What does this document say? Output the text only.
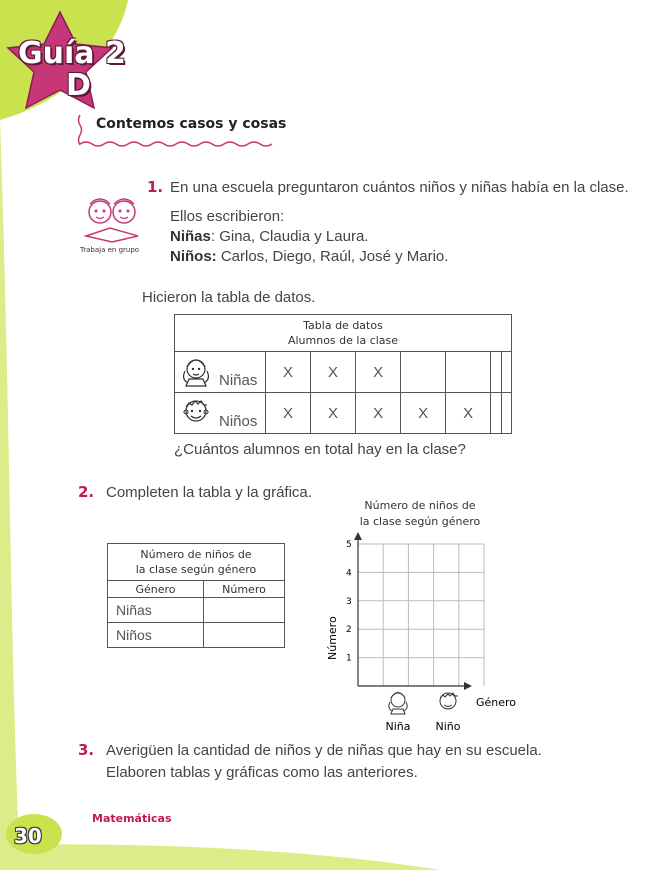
Guía 2
D
Contemos casos y cosas
1. En una escuela preguntaron cuántos niños y niñas había en la clase.
Trabaja en grupo
Ellos escribieron:
Niñas: Gina, Claudia y Laura.
Niños: Carlos, Diego, Raúl, José y Mario.
Hicieron la tabla de datos.
Tabla de datos
Alumnos de la clase							

Niñas	X	X	X				

Niños	X	X	X	X	X		
¿Cuántos alumnos en total hay en la clase?
2. Completen la tabla y la gráfica.
Número de niños de
la clase según género	

Género	Número
Niñas	
Niños	
Número de niños de
la clase según género
1
2
3
4
5
Número
Género
Niña Niño
3. Averigüen la cantidad de niños y de niñas que hay en su escuela.
Elaboren tablas y gráficas como las anteriores.
Matemáticas
30
